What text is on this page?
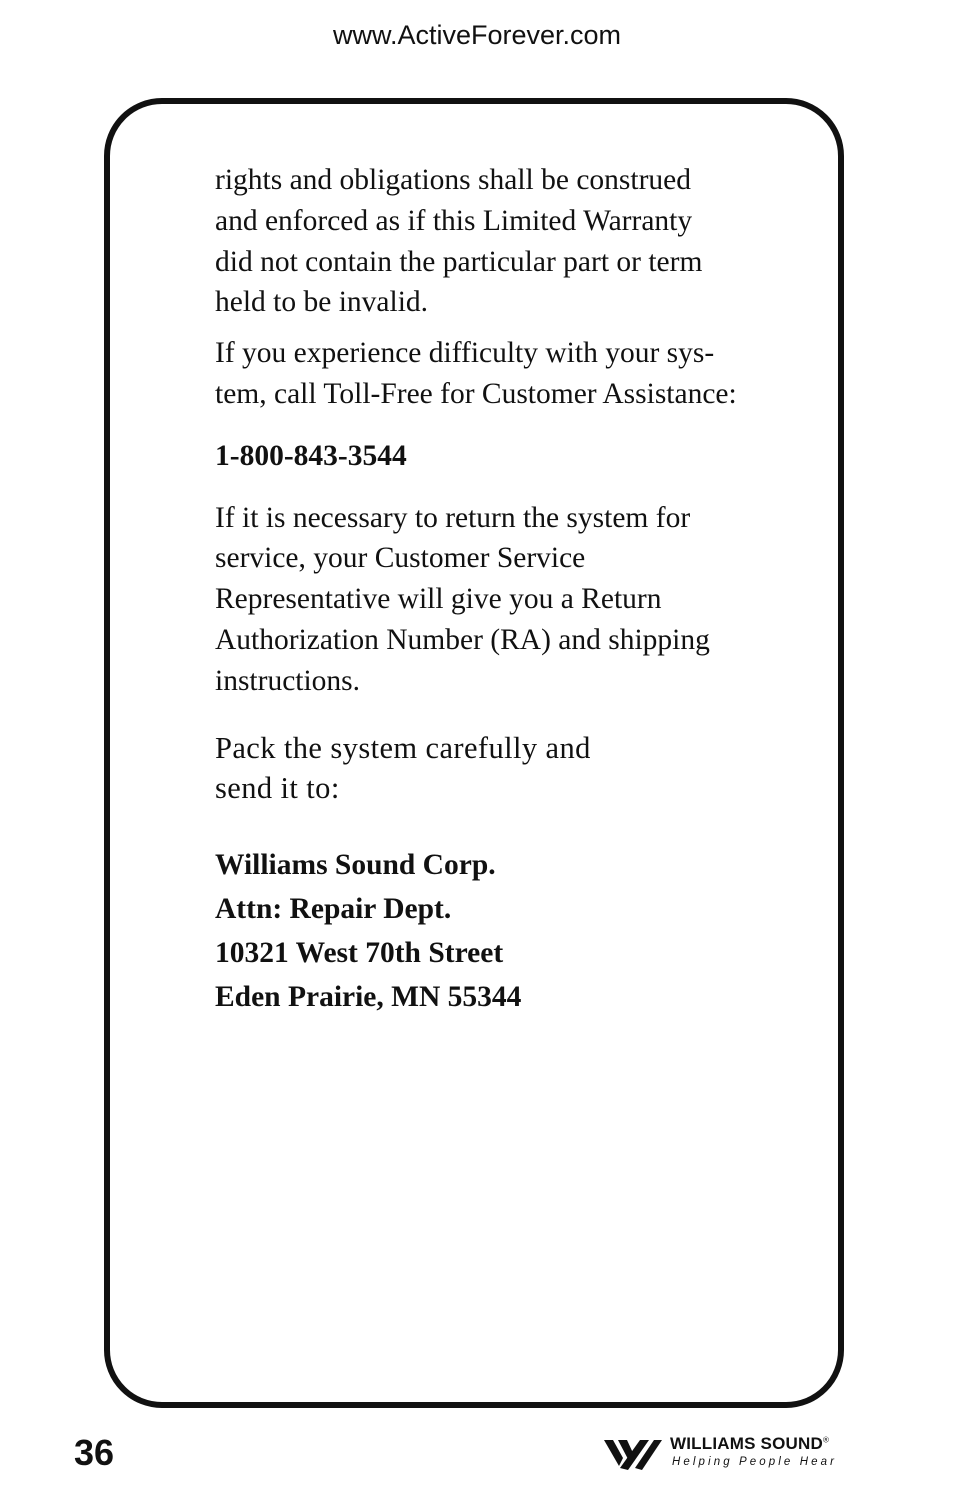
www.ActiveForever.com

rights and obligations shall be construed
and enforced as if this Limited Warranty
did not contain the particular part or term
held to be invalid.

If you experience difficulty with your sys-
tem, call Toll-Free for Customer Assistance:

1-800-843-3544

If it is necessary to return the system for
service, your Customer Service
Representative will give you a Return
Authorization Number (RA) and shipping
instructions.

Pack the system carefully and
send it to:

Williams Sound Corp.
Attn: Repair Dept.
10321 West 70th Street
Eden Prairie, MN 55344

36	WILLIAMS SOUND®
Helping People Hear
